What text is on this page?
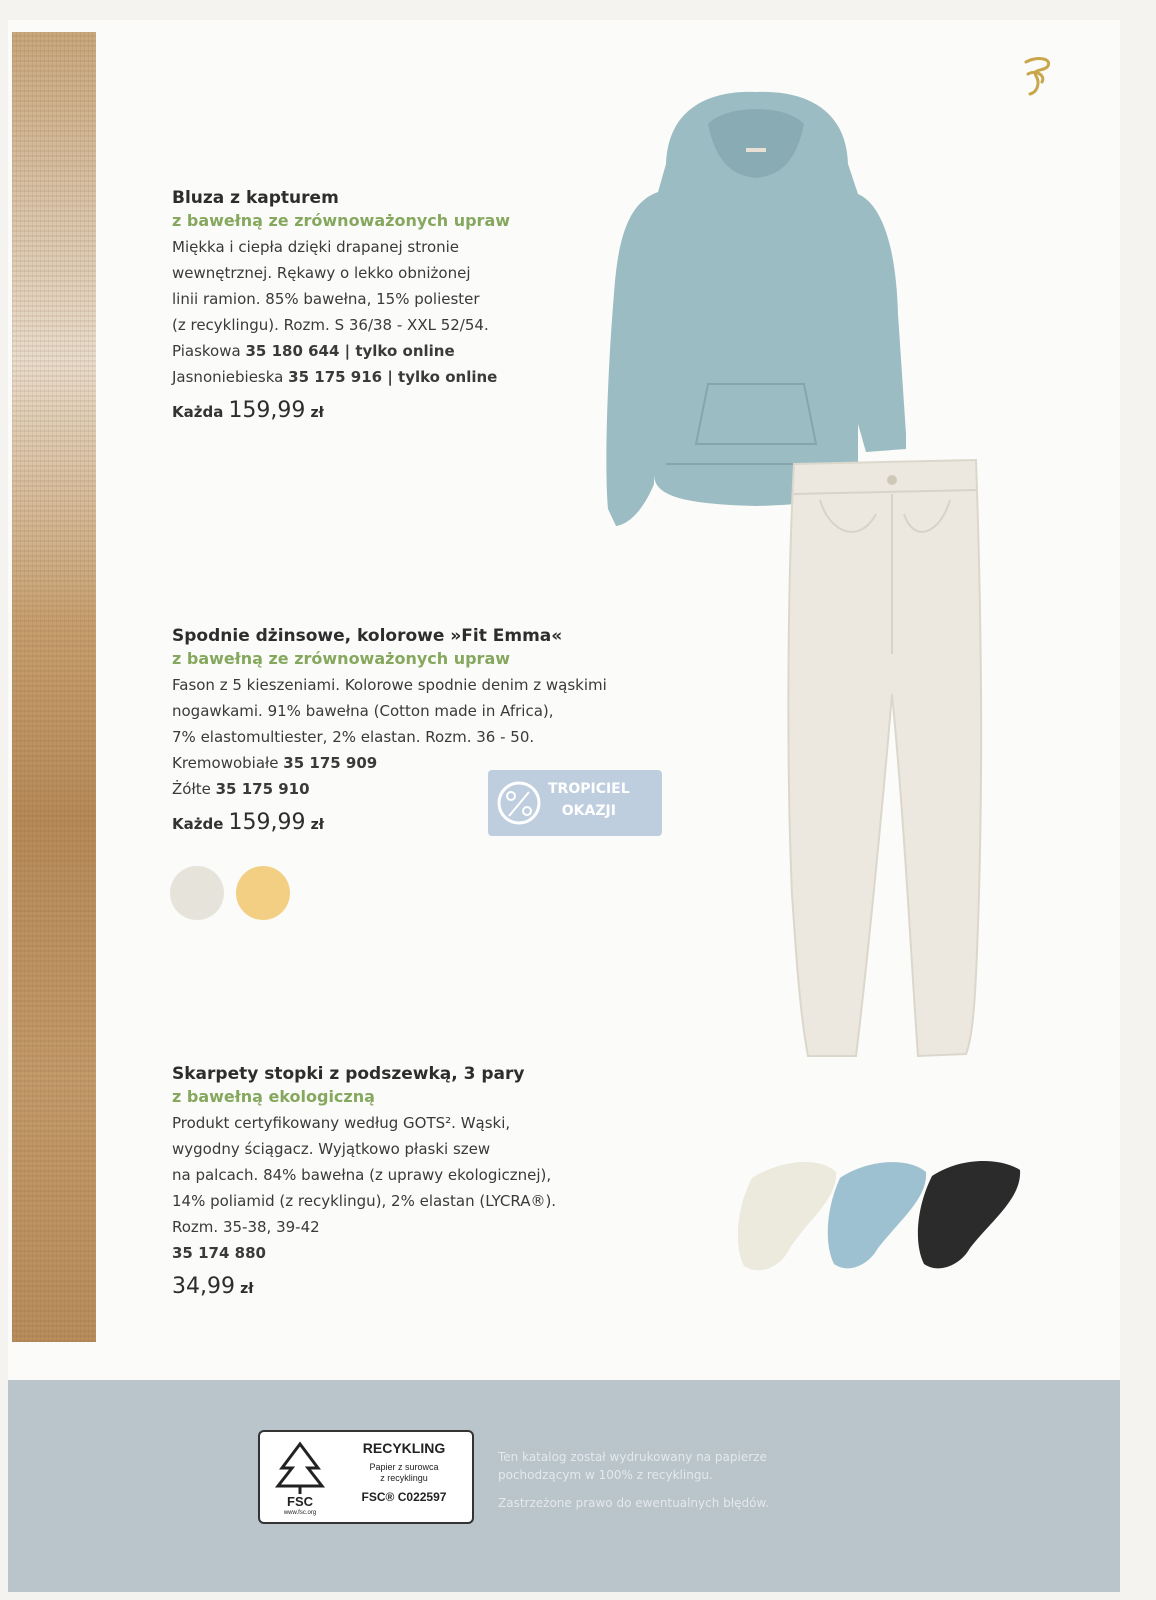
Bluza z kapturem
z bawełną ze zrównoważonych upraw
Miękka i ciepła dzięki drapanej stronie
wewnętrznej. Rękawy o lekko obniżonej
linii ramion. 85% bawełna, 15% poliester
(z recyklingu). Rozm. S 36/38 - XXL 52/54.
Piaskowa 35 180 644 | tylko online
Jasnoniebieska 35 175 916 | tylko online
Każda 159,99 zł
Spodnie dżinsowe, kolorowe »Fit Emma«
z bawełną ze zrównoważonych upraw
Fason z 5 kieszeniami. Kolorowe spodnie denim z wąskimi
nogawkami. 91% bawełna (Cotton made in Africa),
7% elastomultiester, 2% elastan. Rozm. 36 - 50.
Kremowobiałe 35 175 909
Żółte 35 175 910
Każde 159,99 zł
Skarpety stopki z podszewką, 3 pary
z bawełną ekologiczną
Produkt certyfikowany według GOTS². Wąski,
wygodny ściągacz. Wyjątkowo płaski szew
na palcach. 84% bawełna (z uprawy ekologicznej),
14% poliamid (z recyklingu), 2% elastan (LYCRA®).
Rozm. 35-38, 39-42
35 174 880
34,99 zł
TROPICIEL
OKAZJI
FSC
www.fsc.org
RECYKLING
Papier z surowca
z recyklingu
FSC® C022597
Ten katalog został wydrukowany na papierze
pochodzącym w 100% z recyklingu.
Zastrzeżone prawo do ewentualnych błędów.
